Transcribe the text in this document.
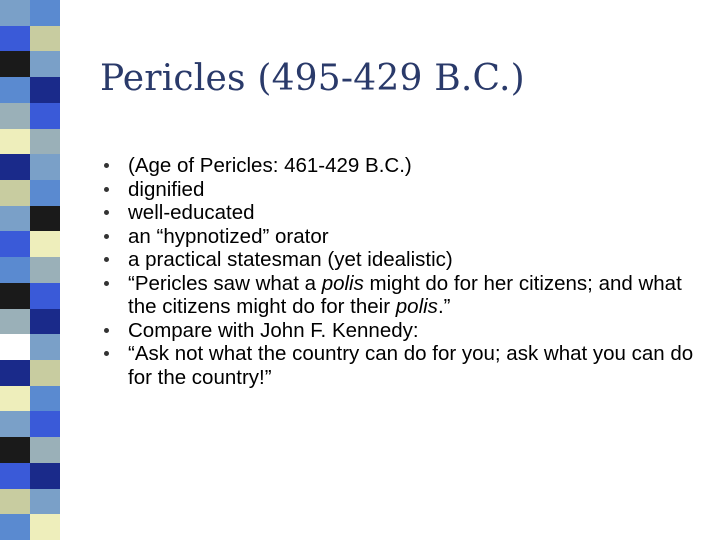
Pericles (495-429 B.C.)
(Age of Pericles: 461-429 B.C.)
dignified
well-educated
an “hypnotized” orator
a practical statesman (yet idealistic)
“Pericles saw what a polis might do for her citizens; and what the citizens might do for their polis.”
Compare with John F. Kennedy:
“Ask not what the country can do for you; ask what you can do for the country!”
